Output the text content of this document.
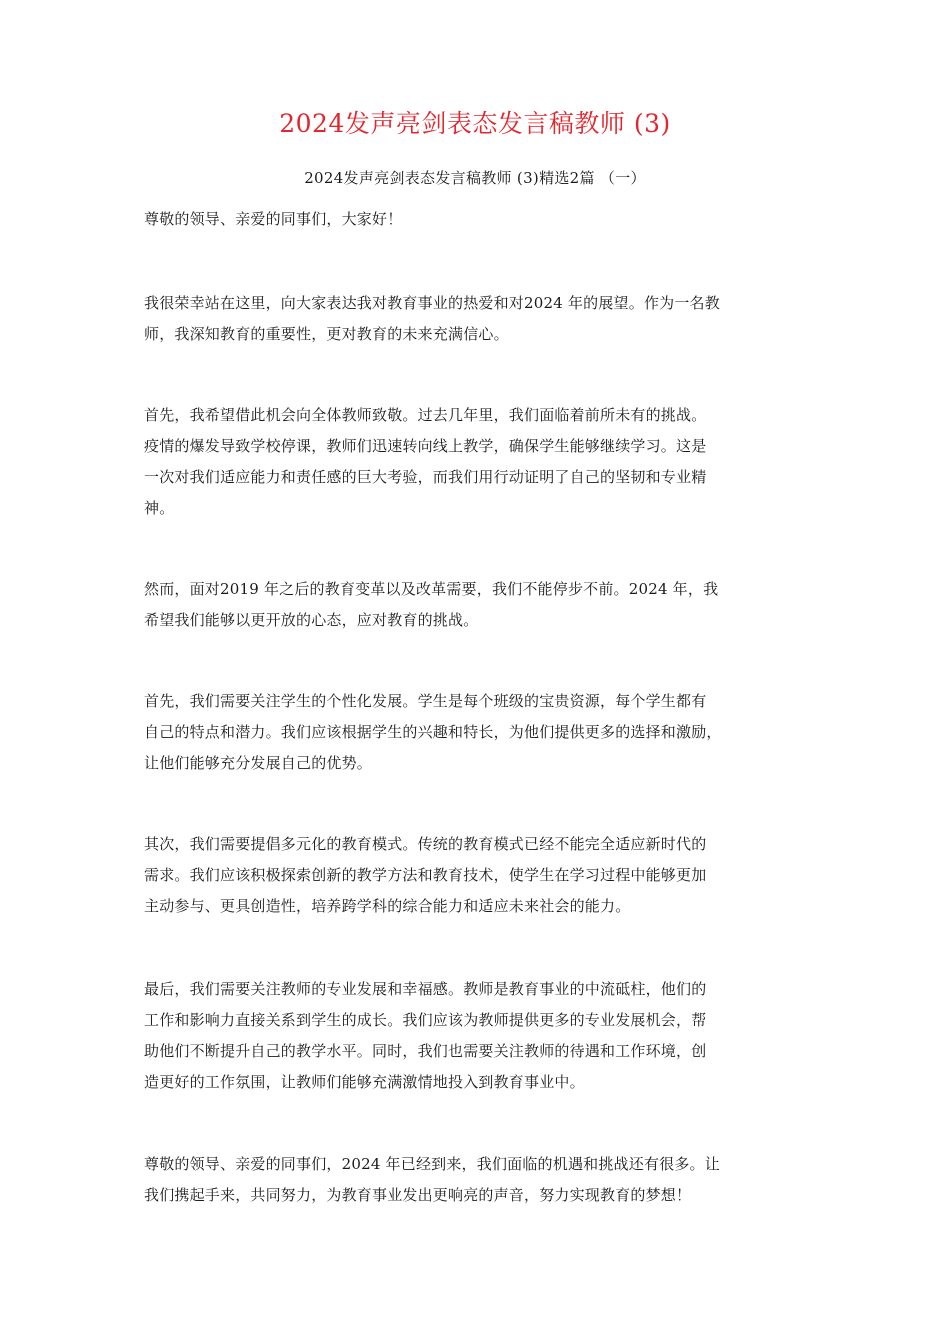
2024发声亮剑表态发言稿教师 (3)

2024发声亮剑表态发言稿教师 (3)精选2篇 （一）

尊敬的领导、亲爱的同事们，大家好！

我很荣幸站在这里，向大家表达我对教育事业的热爱和对2024 年的展望。作为一名教
师，我深知教育的重要性，更对教育的未来充满信心。

首先，我希望借此机会向全体教师致敬。过去几年里，我们面临着前所未有的挑战。
疫情的爆发导致学校停课，教师们迅速转向线上教学，确保学生能够继续学习。这是
一次对我们适应能力和责任感的巨大考验，而我们用行动证明了自己的坚韧和专业精
神。

然而，面对2019 年之后的教育变革以及改革需要，我们不能停步不前。2024 年，我
希望我们能够以更开放的心态，应对教育的挑战。

首先，我们需要关注学生的个性化发展。学生是每个班级的宝贵资源，每个学生都有
自己的特点和潜力。我们应该根据学生的兴趣和特长，为他们提供更多的选择和激励，
让他们能够充分发展自己的优势。

其次，我们需要提倡多元化的教育模式。传统的教育模式已经不能完全适应新时代的
需求。我们应该积极探索创新的教学方法和教育技术，使学生在学习过程中能够更加
主动参与、更具创造性，培养跨学科的综合能力和适应未来社会的能力。

最后，我们需要关注教师的专业发展和幸福感。教师是教育事业的中流砥柱，他们的
工作和影响力直接关系到学生的成长。我们应该为教师提供更多的专业发展机会，帮
助他们不断提升自己的教学水平。同时，我们也需要关注教师的待遇和工作环境，创
造更好的工作氛围，让教师们能够充满激情地投入到教育事业中。

尊敬的领导、亲爱的同事们，2024 年已经到来，我们面临的机遇和挑战还有很多。让
我们携起手来，共同努力，为教育事业发出更响亮的声音，努力实现教育的梦想！
